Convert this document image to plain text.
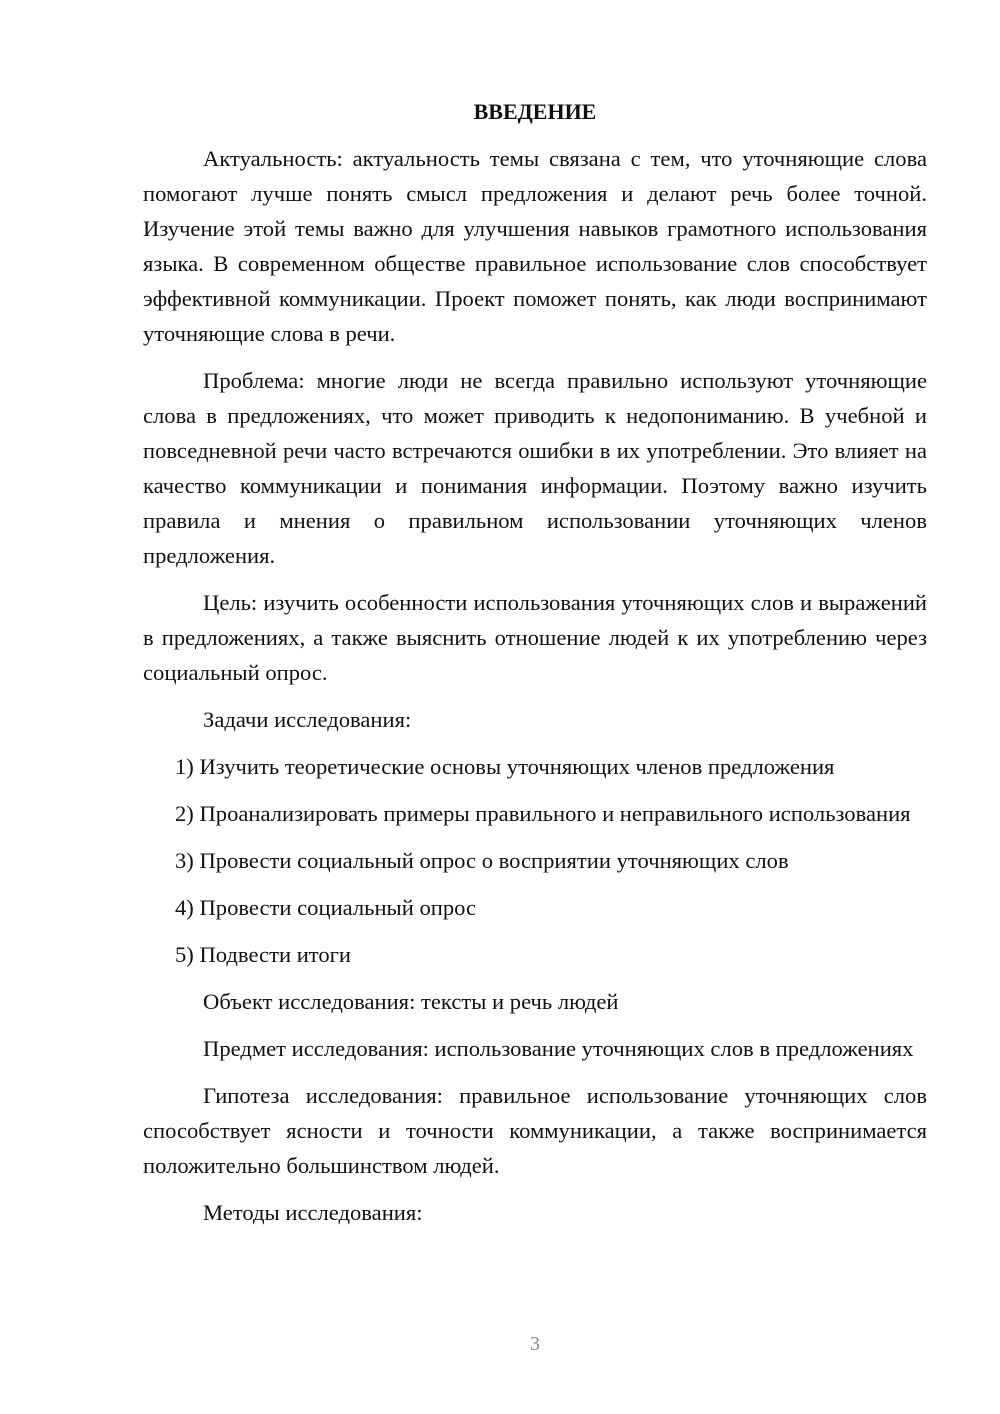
ВВЕДЕНИЕ

Актуальность: актуальность темы связана с тем, что уточняющие слова помогают лучше понять смысл предложения и делают речь более точной. Изучение этой темы важно для улучшения навыков грамотного использования языка. В современном обществе правильное использование слов способствует эффективной коммуникации. Проект поможет понять, как люди воспринимают уточняющие слова в речи.

Проблема: многие люди не всегда правильно используют уточняющие слова в предложениях, что может приводить к недопониманию. В учебной и повседневной речи часто встречаются ошибки в их употреблении. Это влияет на качество коммуникации и понимания информации. Поэтому важно изучить правила и мнения о правильном использовании уточняющих членов предложения.

Цель: изучить особенности использования уточняющих слов и выражений в предложениях, а также выяснить отношение людей к их употреблению через социальный опрос.

Задачи исследования:

1) Изучить теоретические основы уточняющих членов предложения

2) Проанализировать примеры правильного и неправильного использования

3) Провести социальный опрос о восприятии уточняющих слов

4) Провести социальный опрос

5) Подвести итоги

Объект исследования: тексты и речь людей

Предмет исследования: использование уточняющих слов в предложениях

Гипотеза исследования: правильное использование уточняющих слов способствует ясности и точности коммуникации, а также воспринимается положительно большинством людей.

Методы исследования:

3
